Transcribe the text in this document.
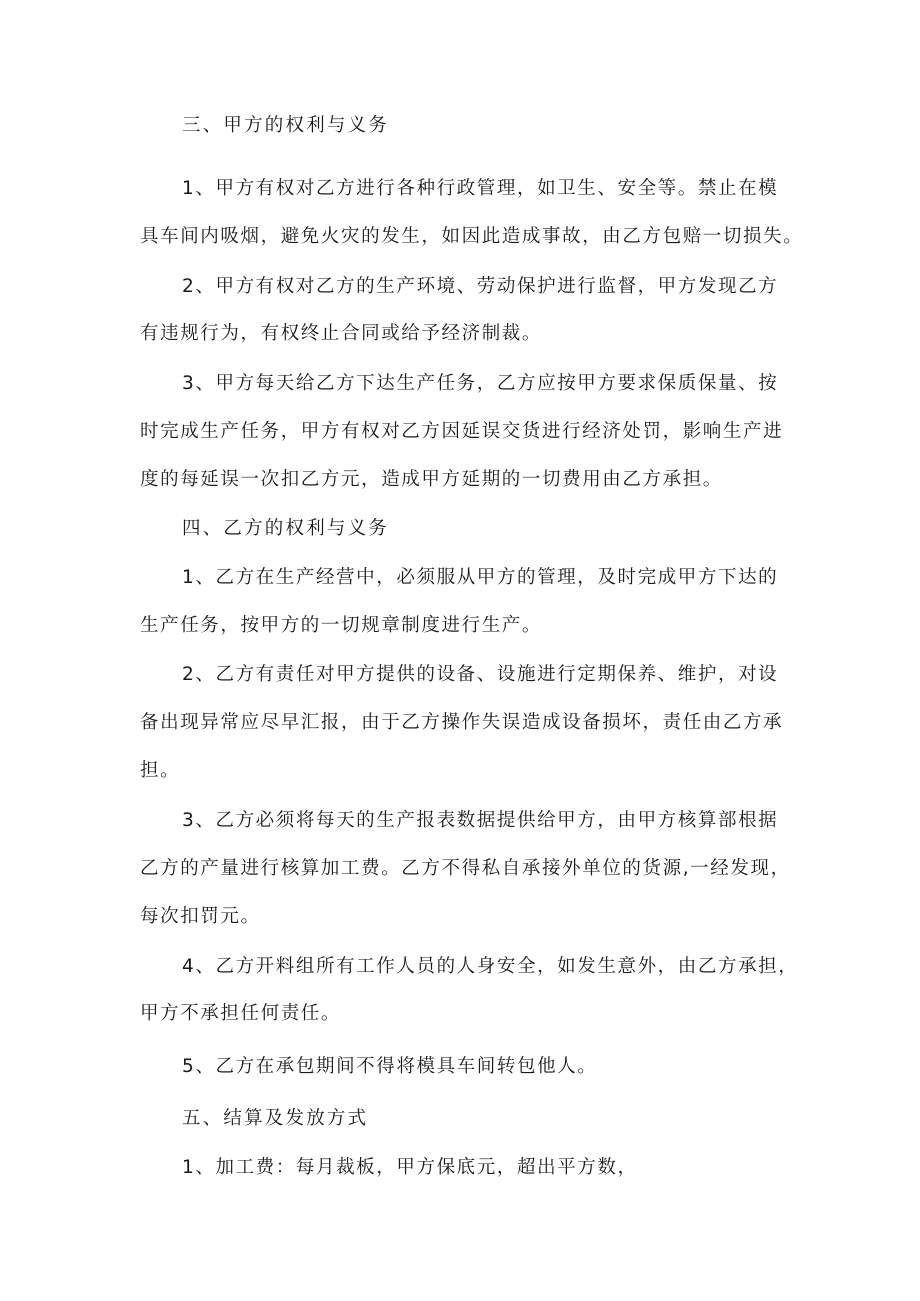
三、甲方的权利与义务
1、甲方有权对乙方进行各种行政管理，如卫生、安全等。禁止在模
具车间内吸烟，避免火灾的发生，如因此造成事故，由乙方包赔一切损失。
2、甲方有权对乙方的生产环境、劳动保护进行监督，甲方发现乙方
有违规行为，有权终止合同或给予经济制裁。
3、甲方每天给乙方下达生产任务，乙方应按甲方要求保质保量、按
时完成生产任务，甲方有权对乙方因延误交货进行经济处罚，影响生产进
度的每延误一次扣乙方元，造成甲方延期的一切费用由乙方承担。
四、乙方的权利与义务
1、乙方在生产经营中，必须服从甲方的管理，及时完成甲方下达的
生产任务，按甲方的一切规章制度进行生产。
2、乙方有责任对甲方提供的设备、设施进行定期保养、维护，对设
备出现异常应尽早汇报，由于乙方操作失误造成设备损坏，责任由乙方承
担。
3、乙方必须将每天的生产报表数据提供给甲方，由甲方核算部根据
乙方的产量进行核算加工费。乙方不得私自承接外单位的货源,一经发现，
每次扣罚元。
4、乙方开料组所有工作人员的人身安全，如发生意外，由乙方承担，
甲方不承担任何责任。
5、乙方在承包期间不得将模具车间转包他人。
五、结算及发放方式
1、加工费：每月裁板，甲方保底元，超出平方数，
